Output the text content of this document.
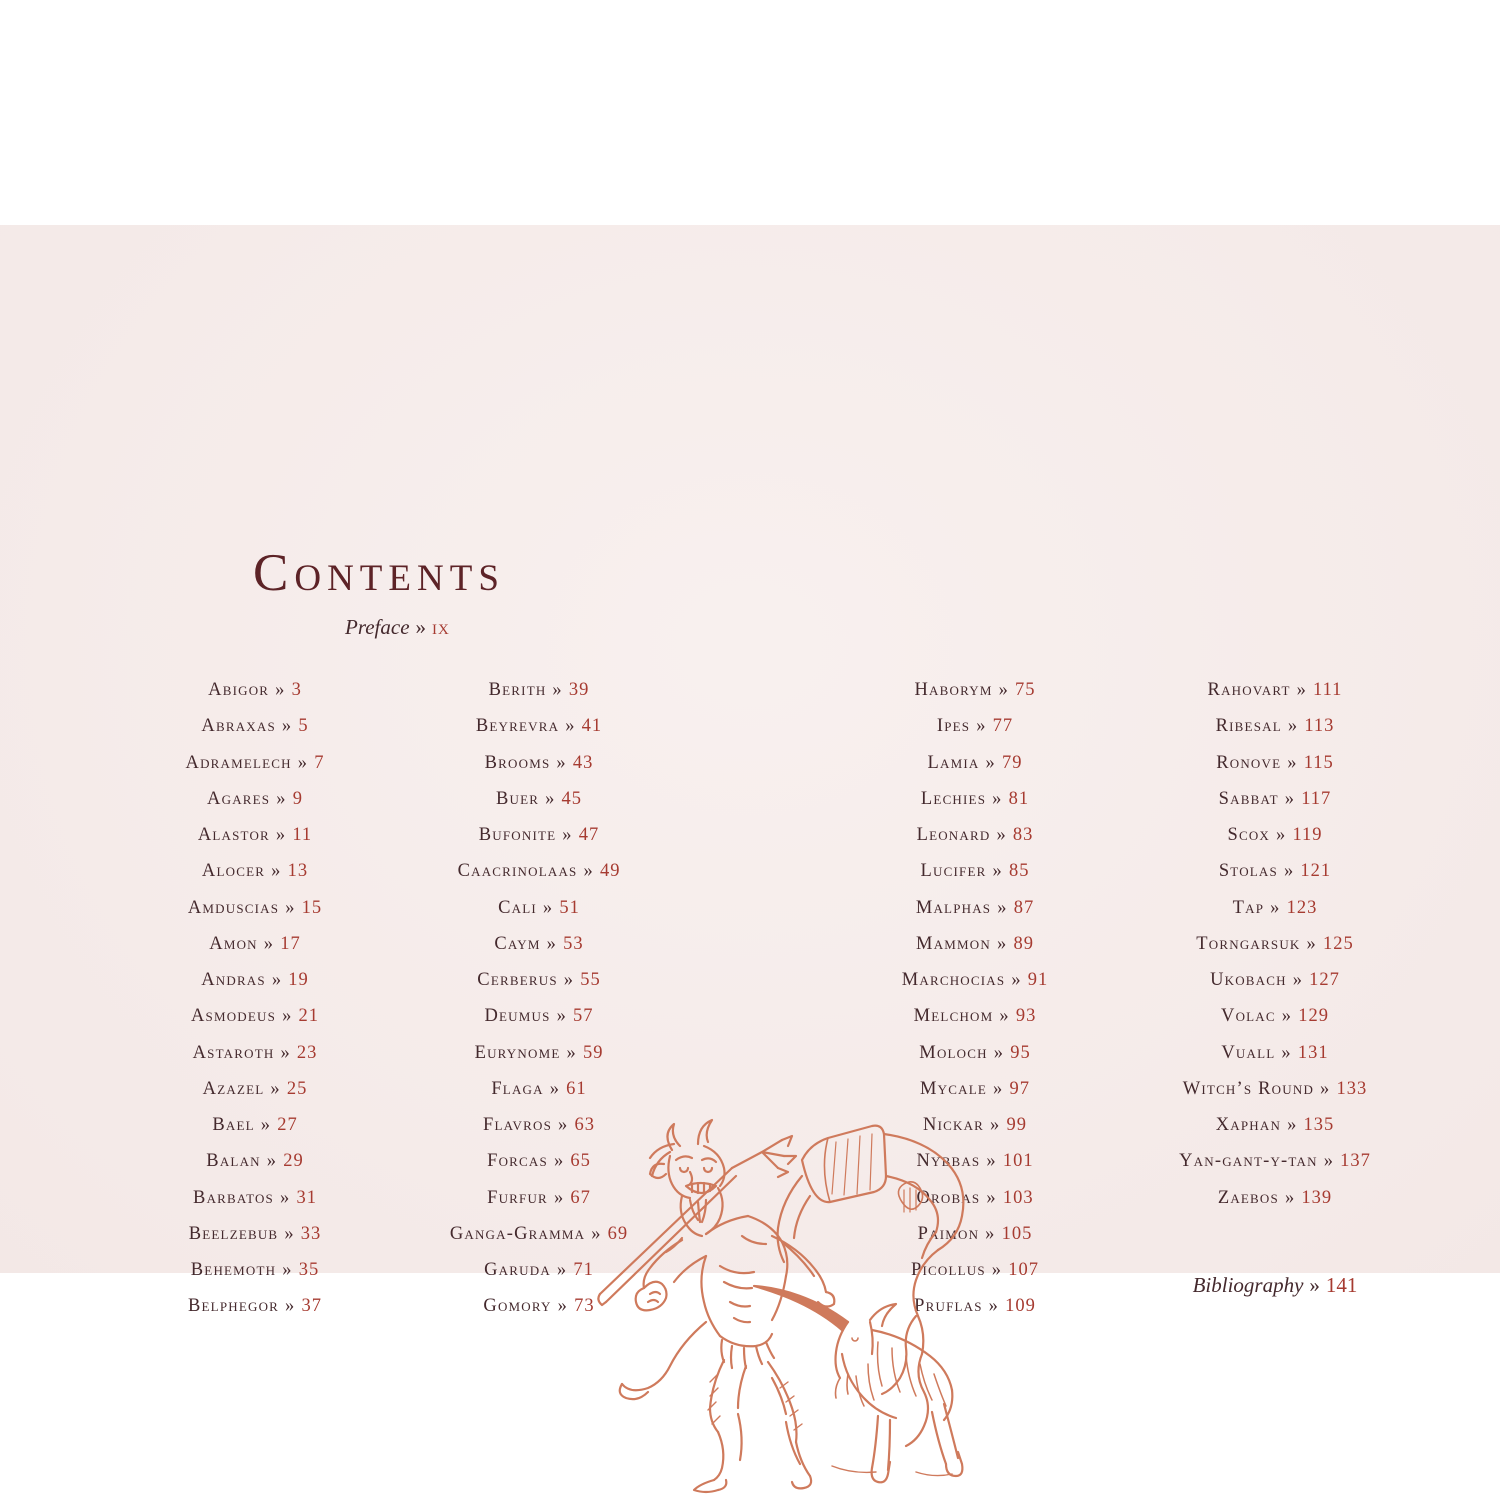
Contents
Preface » ix
Abigor » 3
Abraxas » 5
Adramelech » 7
Agares » 9
Alastor » 11
Alocer » 13
Amduscias » 15
Amon » 17
Andras » 19
Asmodeus » 21
Astaroth » 23
Azazel » 25
Bael » 27
Balan » 29
Barbatos » 31
Beelzebub » 33
Behemoth » 35
Belphegor » 37
Berith » 39
Beyrevra » 41
Brooms » 43
Buer » 45
Bufonite » 47
Caacrinolaas » 49
Cali » 51
Caym » 53
Cerberus » 55
Deumus » 57
Eurynome » 59
Flaga » 61
Flavros » 63
Forcas » 65
Furfur » 67
Ganga-Gramma » 69
Garuda » 71
Gomory » 73
Haborym » 75
Ipes » 77
Lamia » 79
Lechies » 81
Leonard » 83
Lucifer » 85
Malphas » 87
Mammon » 89
Marchocias » 91
Melchom » 93
Moloch » 95
Mycale » 97
Nickar » 99
Nybbas » 101
Orobas » 103
Paimon » 105
Picollus » 107
Pruflas » 109
Rahovart » 111
Ribesal » 113
Ronove » 115
Sabbat » 117
Scox » 119
Stolas » 121
Tap » 123
Torngarsuk » 125
Ukobach » 127
Volac » 129
Vuall » 131
Witch’s Round » 133
Xaphan » 135
Yan-gant-y-tan » 137
Zaebos » 139
Bibliography » 141
